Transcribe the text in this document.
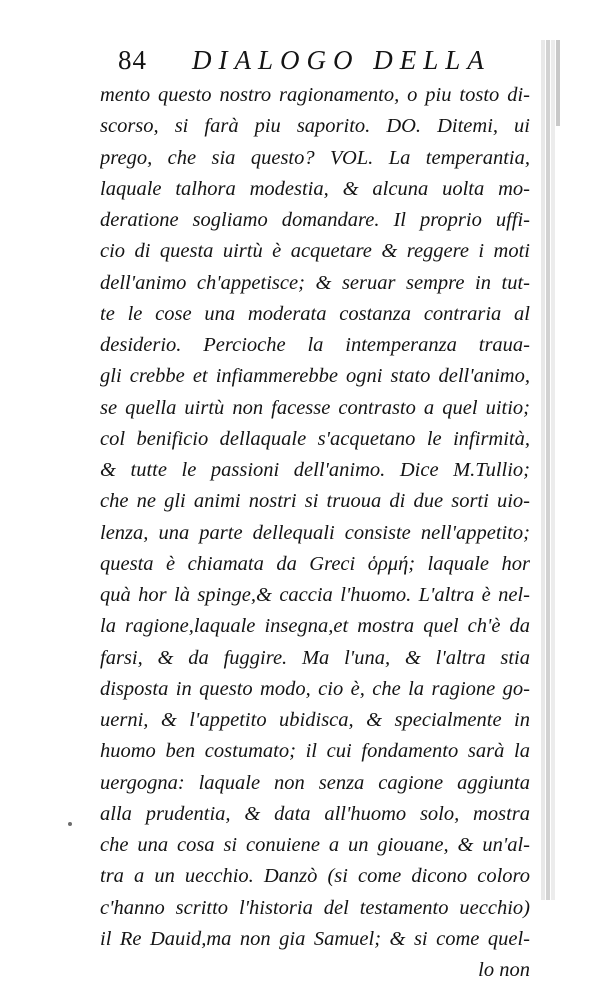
84 DIALOGO DELLA
mento questo nostro ragionamento, o piu tosto di-
scorso, si farà piu saporito. DO. Ditemi, ui
prego, che sia questo? VOL. La temperantia,
laquale talhora modestia, & alcuna uolta mo-
deratione sogliamo domandare. Il proprio uffi-
cio di questa uirtù è acquetare & reggere i moti
dell'animo ch'appetisce; & seruar sempre in tut-
te le cose una moderata costanza contraria al
desiderio. Percioche la intemperanza traua-
gli crebbe et infiammerebbe ogni stato dell'animo,
se quella uirtù non facesse contrasto a quel uitio;
col benificio dellaquale s'acquetano le infirmità,
& tutte le passioni dell'animo. Dice M.Tullio;
che ne gli animi nostri si truoua di due sorti uio-
lenza, una parte dellequali consiste nell'appetito;
questa è chiamata da Greci ὁρμή; laquale hor
quà hor là spinge,& caccia l'huomo. L'altra è nel-
la ragione,laquale insegna,et mostra quel ch'è da
farsi, & da fuggire. Ma l'una, & l'altra stia
disposta in questo modo, cio è, che la ragione go-
uerni, & l'appetito ubidisca, & specialmente in
huomo ben costumato; il cui fondamento sarà la
uergogna: laquale non senza cagione aggiunta
alla prudentia, & data all'huomo solo, mostra
che una cosa si conuiene a un giouane, & un'al-
tra a un uecchio. Danzò (si come dicono coloro
c'hanno scritto l'historia del testamento uecchio)
il Re Dauid,ma non gia Samuel; & si come quel-
lo non
